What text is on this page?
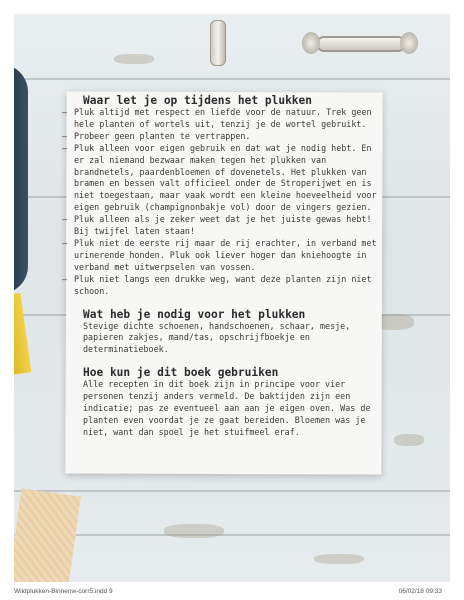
Waar let je op tijdens het plukken
– Pluk altijd met respect en liefde voor de natuur. Trek geen hele planten of wortels uit, tenzij je de wortel gebruikt.
– Probeer geen planten te vertrappen.
– Pluk alleen voor eigen gebruik en dat wat je nodig hebt. En er zal niemand bezwaar maken tegen het plukken van brandnetels, paardenbloemen of dovenetels. Het plukken van bramen en bessen valt officieel onder de Stroperijwet en is niet toegestaan, maar vaak wordt een kleine hoeveelheid voor eigen gebruik (champignonbakje vol) door de vingers gezien.
– Pluk alleen als je zeker weet dat je het juiste gewas hebt! Bij twijfel laten staan!
– Pluk niet de eerste rij maar de rij erachter, in verband met urinerende honden. Pluk ook liever hoger dan kniehoogte in verband met uitwerpselen van vossen.
– Pluk niet langs een drukke weg, want deze planten zijn niet schoon.
Wat heb je nodig voor het plukken

Stevige dichte schoenen, handschoenen, schaar, mesje, papieren zakjes, mand/tas, opschrijfboekje en determinatieboek.

Hoe kun je dit boek gebruiken

Alle recepten in dit boek zijn in principe voor vier personen tenzij anders vermeld. De baktijden zijn een indicatie; pas ze eventueel aan aan je eigen oven. Was de planten even voordat je ze gaat bereiden. Bloemen was je niet, want dan spoel je het stuifmeel eraf.

Wildplukken-Binnenw-corr5.indd 9	06/02/18 09:33
